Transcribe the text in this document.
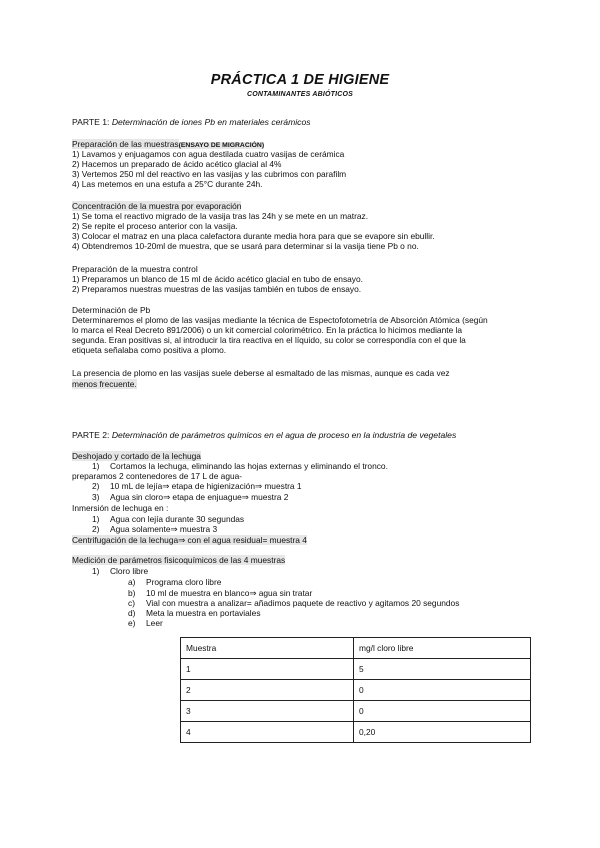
PRÁCTICA 1 DE HIGIENE
CONTAMINANTES ABIÓTICOS
PARTE 1: Determinación de iones Pb en materiales cerámicos
Preparación de las muestras(ENSAYO DE MIGRACIÓN)
1) Lavamos y enjuagamos con agua destilada cuatro vasijas de cerámica
2) Hacemos un preparado de ácido acético glacial al 4%
3) Vertemos 250 ml del reactivo en las vasijas y las cubrimos con parafilm
4) Las metemos en una estufa a 25°C durante 24h.
Concentración de la muestra por evaporación
1) Se toma el reactivo migrado de la vasija tras las 24h y se mete en un matraz.
2) Se repite el proceso anterior con la vasija.
3) Colocar el matraz en una placa calefactora durante media hora para que se evapore sin ebullir.
4) Obtendremos 10-20ml de muestra, que se usará para determinar si la vasija tiene Pb o no.
Preparación de la muestra control
1) Preparamos un blanco de 15 ml de ácido acético glacial en tubo de ensayo.
2) Preparamos nuestras muestras de las vasijas también en tubos de ensayo.
Determinación de Pb
Determinaremos el plomo de las vasijas mediante la técnica de Espectofotometría de Absorción Atómica (según
lo marca el Real Decreto 891/2006) o un kit comercial colorimétrico. En la práctica lo hicimos mediante la
segunda. Eran positivas si, al introducir la tira reactiva en el líquido, su color se correspondía con el que la
etiqueta señalaba como positiva a plomo.
La presencia de plomo en las vasijas suele deberse al esmaltado de las mismas, aunque es cada vez
menos frecuente.
PARTE 2: Determinación de parámetros químicos en el agua de proceso en la industria de vegetales
Deshojado y cortado de la lechuga
1) Cortamos la lechuga, eliminando las hojas externas y eliminando el tronco.
preparamos 2 contenedores de 17 L de agua-
2) 10 mL de lejía⇒ etapa de higienización⇒ muestra 1
3) Agua sin cloro⇒ etapa de enjuague⇒ muestra 2
Inmersión de lechuga en :
1) Agua con lejía durante 30 segundas
2) Agua solamente⇒ muestra 3
Centrifugación de la lechuga⇒ con el agua residual= muestra 4
Medición de parámetros fisicoquímicos de las 4 muestras
1) Cloro libre
a) Programa cloro libre
b) 10 ml de muestra en blanco⇒ agua sin tratar
c) Vial con muestra a analizar= añadimos paquete de reactivo y agitamos 20 segundos
d) Meta la muestra en portaviales
e) Leer
Muestra	mg/l cloro libre
1	5
2	0
3	0
4	0,20
